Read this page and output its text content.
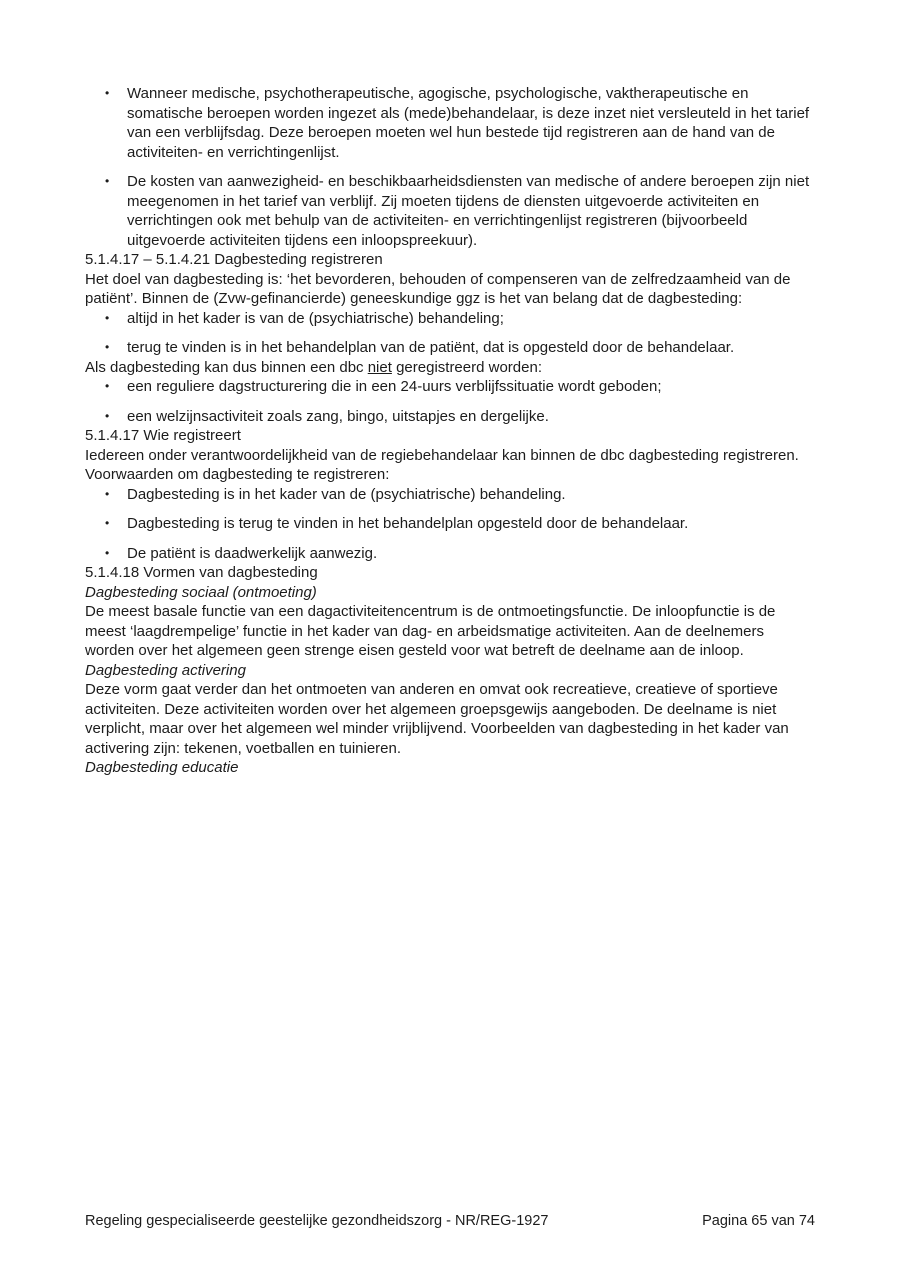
• Wanneer medische, psychotherapeutische, agogische, psychologische, vaktherapeutische en somatische beroepen worden ingezet als (mede)behandelaar, is deze inzet niet versleuteld in het tarief van een verblijfsdag. Deze beroepen moeten wel hun bestede tijd registreren aan de hand van de activiteiten- en verrichtingenlijst.
• De kosten van aanwezigheid- en beschikbaarheidsdiensten van medische of andere beroepen zijn niet meegenomen in het tarief van verblijf. Zij moeten tijdens de diensten uitgevoerde activiteiten en verrichtingen ook met behulp van de activiteiten- en verrichtingenlijst registreren (bijvoorbeeld uitgevoerde activiteiten tijdens een inloopspreekuur).
5.1.4.17 – 5.1.4.21 Dagbesteding registreren

Het doel van dagbesteding is: ‘het bevorderen, behouden of compenseren van de zelfredzaamheid van de patiënt’. Binnen de (Zvw-gefinancierde) geneeskundige ggz is het van belang dat de dagbesteding:

• altijd in het kader is van de (psychiatrische) behandeling;
• terug te vinden is in het behandelplan van de patiënt, dat is opgesteld door de behandelaar.

Als dagbesteding kan dus binnen een dbc niet geregistreerd worden:

• een reguliere dagstructurering die in een 24-uurs verblijfssituatie wordt geboden;
• een welzijnsactiviteit zoals zang, bingo, uitstapjes en dergelijke.
5.1.4.17 Wie registreert

Iedereen onder verantwoordelijkheid van de regiebehandelaar kan binnen de dbc dagbesteding registreren. Voorwaarden om dagbesteding te registreren:

• Dagbesteding is in het kader van de (psychiatrische) behandeling.
• Dagbesteding is terug te vinden in het behandelplan opgesteld door de behandelaar.
• De patiënt is daadwerkelijk aanwezig.
5.1.4.18 Vormen van dagbesteding
Dagbesteding sociaal (ontmoeting)

De meest basale functie van een dagactiviteitencentrum is de ontmoetingsfunctie. De inloopfunctie is de meest ‘laagdrempelige’ functie in het kader van dag- en arbeidsmatige activiteiten. Aan de deelnemers worden over het algemeen geen strenge eisen gesteld voor wat betreft de deelname aan de inloop.

Dagbesteding activering

Deze vorm gaat verder dan het ontmoeten van anderen en omvat ook recreatieve, creatieve of sportieve activiteiten. Deze activiteiten worden over het algemeen groepsgewijs aangeboden. De deelname is niet verplicht, maar over het algemeen wel minder vrijblijvend. Voorbeelden van dagbesteding in het kader van activering zijn: tekenen, voetballen en tuinieren.

Dagbesteding educatie
Regeling gespecialiseerde geestelijke gezondheidszorg - NR/REG-1927	Pagina 65 van 74
